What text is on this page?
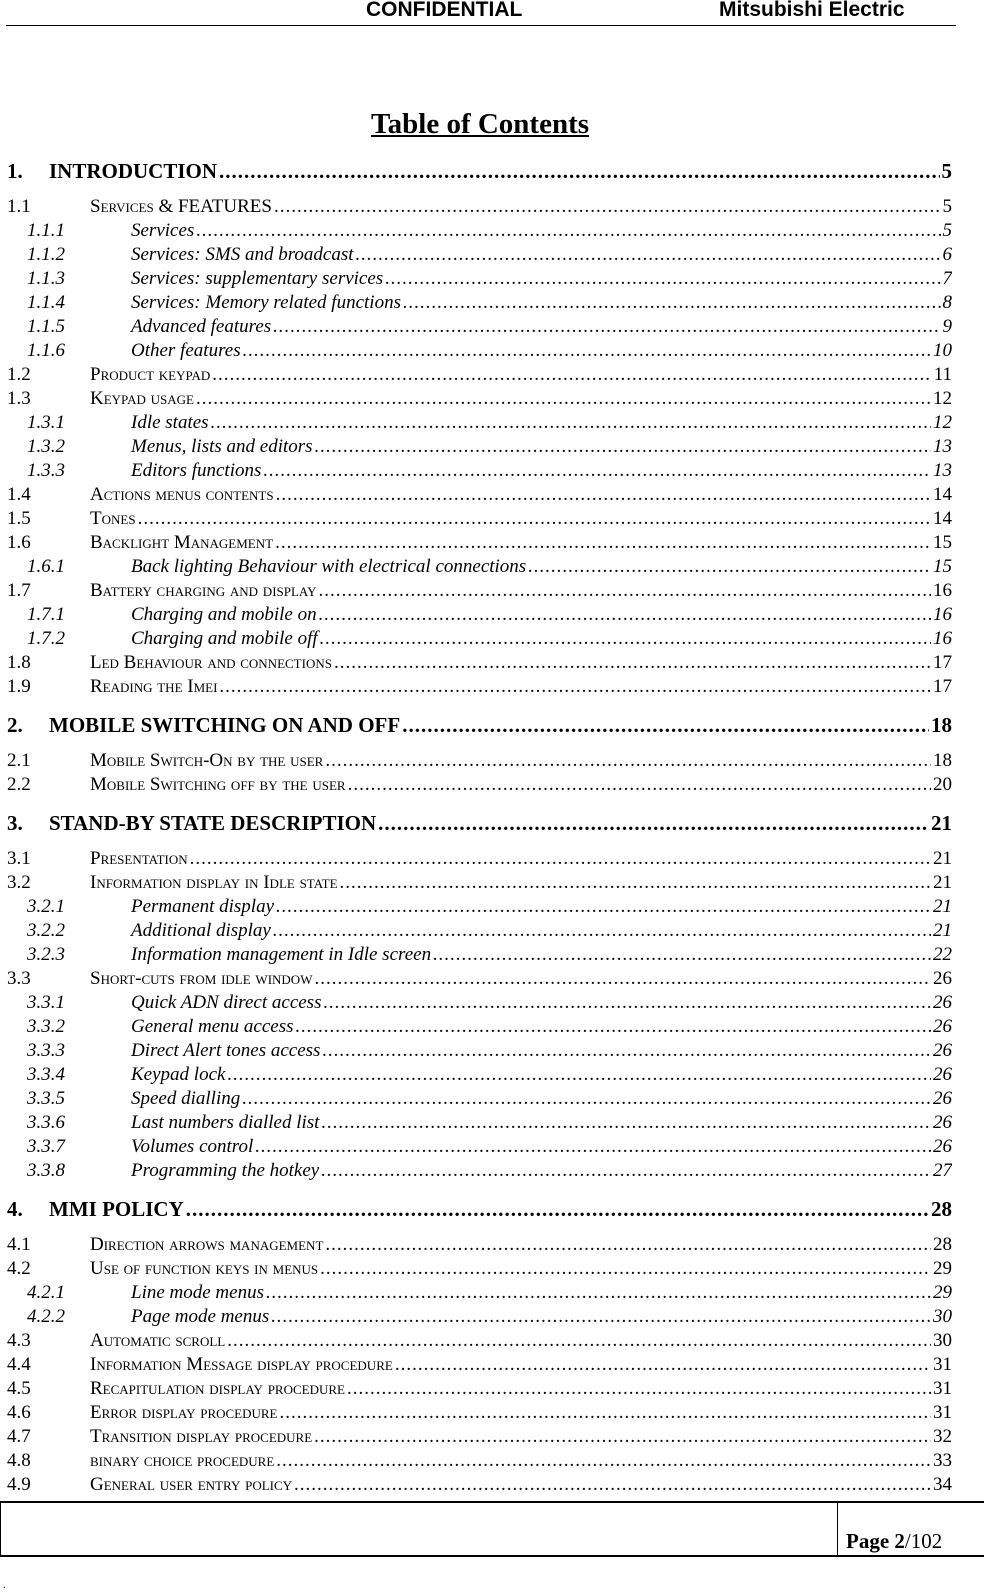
CONFIDENTIAL	Mitsubishi Electric
Table of Contents
1.	INTRODUCTION .....	5
1.1	Services & FEATURES .....	5
1.1.1	Services .....	5
1.1.2	Services: SMS and broadcast .....	6
1.1.3	Services: supplementary services .....	7
1.1.4	Services: Memory related functions .....	8
1.1.5	Advanced features .....	9
1.1.6	Other features .....	10
1.2	Product keypad .....	11
1.3	Keypad usage .....	12
1.3.1	Idle states .....	12
1.3.2	Menus, lists and editors .....	13
1.3.3	Editors functions .....	13
1.4	Actions menus contents .....	14
1.5	Tones .....	14
1.6	Backlight Management .....	15
1.6.1	Back lighting Behaviour with electrical connections .....	15
1.7	Battery charging and display .....	16
1.7.1	Charging and mobile on .....	16
1.7.2	Charging and mobile off .....	16
1.8	Led Behaviour and connections .....	17
1.9	Reading the Imei .....	17
2.	MOBILE SWITCHING ON AND OFF .....	18
2.1	Mobile Switch-On by the user .....	18
2.2	Mobile Switching off by the user .....	20
3.	STAND-BY STATE DESCRIPTION .....	21
3.1	Presentation .....	21
3.2	Information display in Idle state .....	21
3.2.1	Permanent display .....	21
3.2.2	Additional display .....	21
3.2.3	Information management in Idle screen .....	22
3.3	Short-cuts from idle window .....	26
3.3.1	Quick ADN direct access .....	26
3.3.2	General menu access .....	26
3.3.3	Direct Alert tones access .....	26
3.3.4	Keypad lock .....	26
3.3.5	Speed dialling .....	26
3.3.6	Last numbers dialled list .....	26
3.3.7	Volumes control .....	26
3.3.8	Programming the hotkey .....	27
4.	MMI POLICY .....	28
4.1	Direction arrows management .....	28
4.2	Use of function keys in menus .....	29
4.2.1	Line mode menus .....	29
4.2.2	Page mode menus .....	30
4.3	Automatic scroll .....	30
4.4	Information Message display procedure .....	31
4.5	Recapitulation display procedure .....	31
4.6	Error display procedure .....	31
4.7	Transition display procedure .....	32
4.8	binary choice procedure .....	33
4.9	General user entry policy .....	34
Page 2/102
.
